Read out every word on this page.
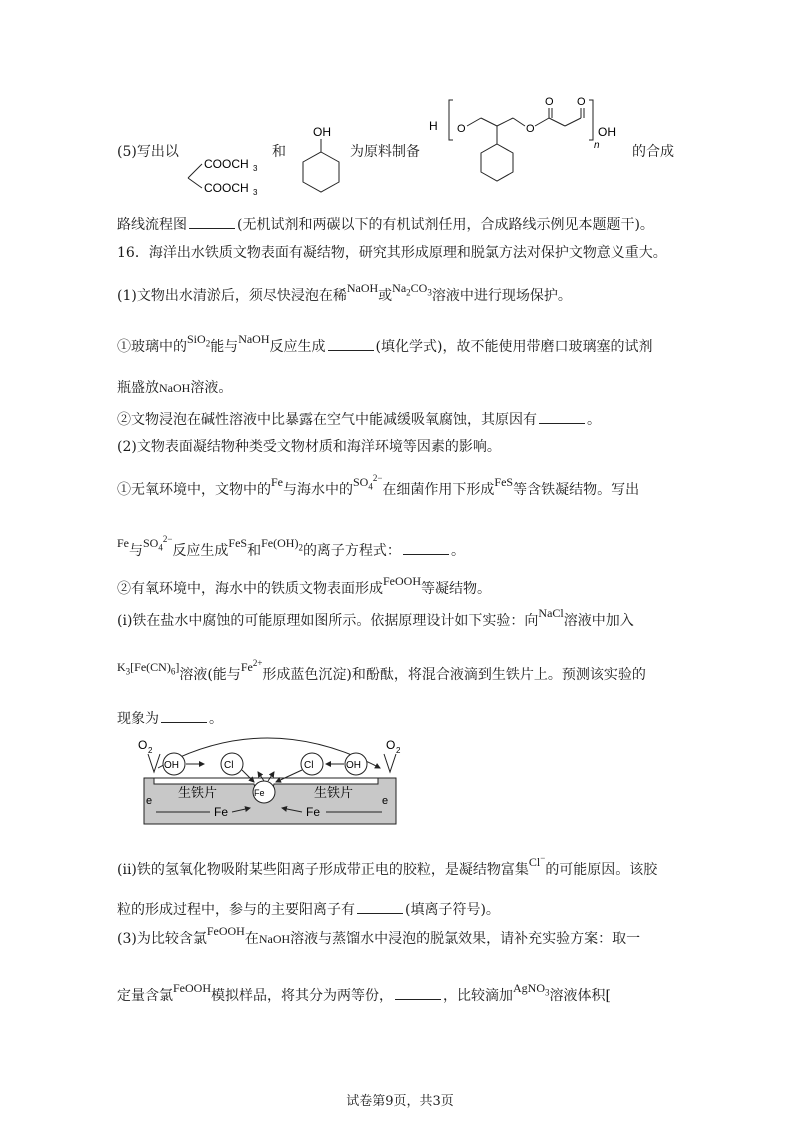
(5)写出以
COOCH 3
COOCH 3
和
OH
为原料制备
H O	O
O O
n
OH
的合成
路线流程图	(无机试剂和两碳以下的有机试剂任用，合成路线示例见本题题干)。
16．海洋出水铁质文物表面有凝结物，研究其形成原理和脱氯方法对保护文物意义重大。
(1)文物出水清淤后，须尽快浸泡在稀NaOH或$Na_2CO_3$溶液中进行现场保护。
①玻璃中的SiO$_2$能与NaOH反应生成	(填化学式)，故不能使用带磨口玻璃塞的试剂
瓶盛放NaOH溶液。
②文物浸泡在碱性溶液中比暴露在空气中能减缓吸氧腐蚀，其原因有	。
(2)文物表面凝结物种类受文物材质和海洋环境等因素的影响。
①无氧环境中，文物中的Fe与海水中的$SO_4^{2-}$在细菌作用下形成FeS等含铁凝结物。写出
Fe与$SO_4^{2-}$反应生成FeS和$Fe(OH)_2$的离子方程式：	。
②有氧环境中，海水中的铁质文物表面形成FeOOH等凝结物。
(i)铁在盐水中腐蚀的可能原理如图所示。依据原理设计如下实验：向NaCl溶液中加入
$K_3[Fe(CN)_6]$溶液(能与$Fe^{2+}$形成蓝色沉淀)和酚酞，将混合液滴到生铁片上。预测该实验的
现象为	。
O 2	O 2
OH	Cl	Cl	OH
Fe
生铁片	生铁片
Fe	Fe
e	e
(ii)铁的氢氧化物吸附某些阳离子形成带正电的胶粒，是凝结物富集Cl−的可能原因。该胶
粒的形成过程中，参与的主要阳离子有	(填离子符号)。
(3)为比较含氯FeOOH在NaOH溶液与蒸馏水中浸泡的脱氯效果，请补充实验方案：取一
定量含氯FeOOH模拟样品，将其分为两等份，	，比较滴加AgNO$_3$溶液体积[
试卷第9页，共3页
